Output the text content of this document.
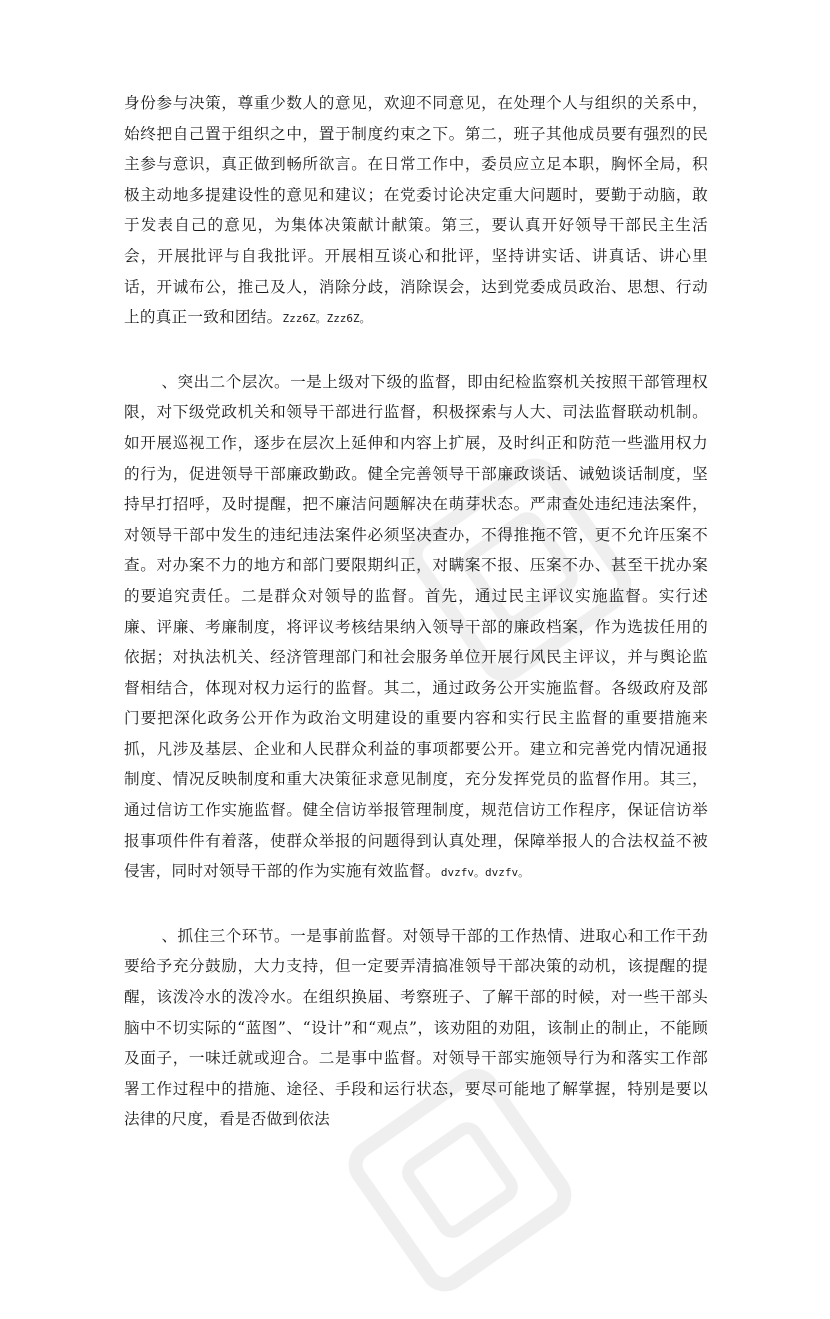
身份参与决策，尊重少数人的意见，欢迎不同意见，在处理个人与组织的关系中，始终把自己置于组织之中，置于制度约束之下。第二，班子其他成员要有强烈的民主参与意识，真正做到畅所欲言。在日常工作中，委员应立足本职，胸怀全局，积极主动地多提建设性的意见和建议；在党委讨论决定重大问题时，要勤于动脑，敢于发表自己的意见，为集体决策献计献策。第三，要认真开好领导干部民主生活会，开展批评与自我批评。开展相互谈心和批评，坚持讲实话、讲真话、讲心里话，开诚布公，推己及人，消除分歧，消除误会，达到党委成员政治、思想、行动上的真正一致和团结。Zzz6Z。Zzz6Z。

、突出二个层次。一是上级对下级的监督，即由纪检监察机关按照干部管理权限，对下级党政机关和领导干部进行监督，积极探索与人大、司法监督联动机制。如开展巡视工作，逐步在层次上延伸和内容上扩展，及时纠正和防范一些滥用权力的行为，促进领导干部廉政勤政。健全完善领导干部廉政谈话、诫勉谈话制度，坚持早打招呼，及时提醒，把不廉洁问题解决在萌芽状态。严肃查处违纪违法案件，对领导干部中发生的违纪违法案件必须坚决查办，不得推拖不管，更不允许压案不查。对办案不力的地方和部门要限期纠正，对瞒案不报、压案不办、甚至干扰办案的要追究责任。二是群众对领导的监督。首先，通过民主评议实施监督。实行述廉、评廉、考廉制度，将评议考核结果纳入领导干部的廉政档案，作为选拔任用的依据；对执法机关、经济管理部门和社会服务单位开展行风民主评议，并与舆论监督相结合，体现对权力运行的监督。其二，通过政务公开实施监督。各级政府及部门要把深化政务公开作为政治文明建设的重要内容和实行民主监督的重要措施来抓，凡涉及基层、企业和人民群众利益的事项都要公开。建立和完善党内情况通报制度、情况反映制度和重大决策征求意见制度，充分发挥党员的监督作用。其三，通过信访工作实施监督。健全信访举报管理制度，规范信访工作程序，保证信访举报事项件件有着落，使群众举报的问题得到认真处理，保障举报人的合法权益不被侵害，同时对领导干部的作为实施有效监督。dvzfv。dvzfv。

、抓住三个环节。一是事前监督。对领导干部的工作热情、进取心和工作干劲要给予充分鼓励，大力支持，但一定要弄清搞准领导干部决策的动机，该提醒的提醒，该泼冷水的泼冷水。在组织换届、考察班子、了解干部的时候，对一些干部头脑中不切实际的“蓝图”、“设计”和“观点”，该劝阻的劝阻，该制止的制止，不能顾及面子，一味迁就或迎合。二是事中监督。对领导干部实施领导行为和落实工作部署工作过程中的措施、途径、手段和运行状态，要尽可能地了解掌握，特别是要以法律的尺度，看是否做到依法
